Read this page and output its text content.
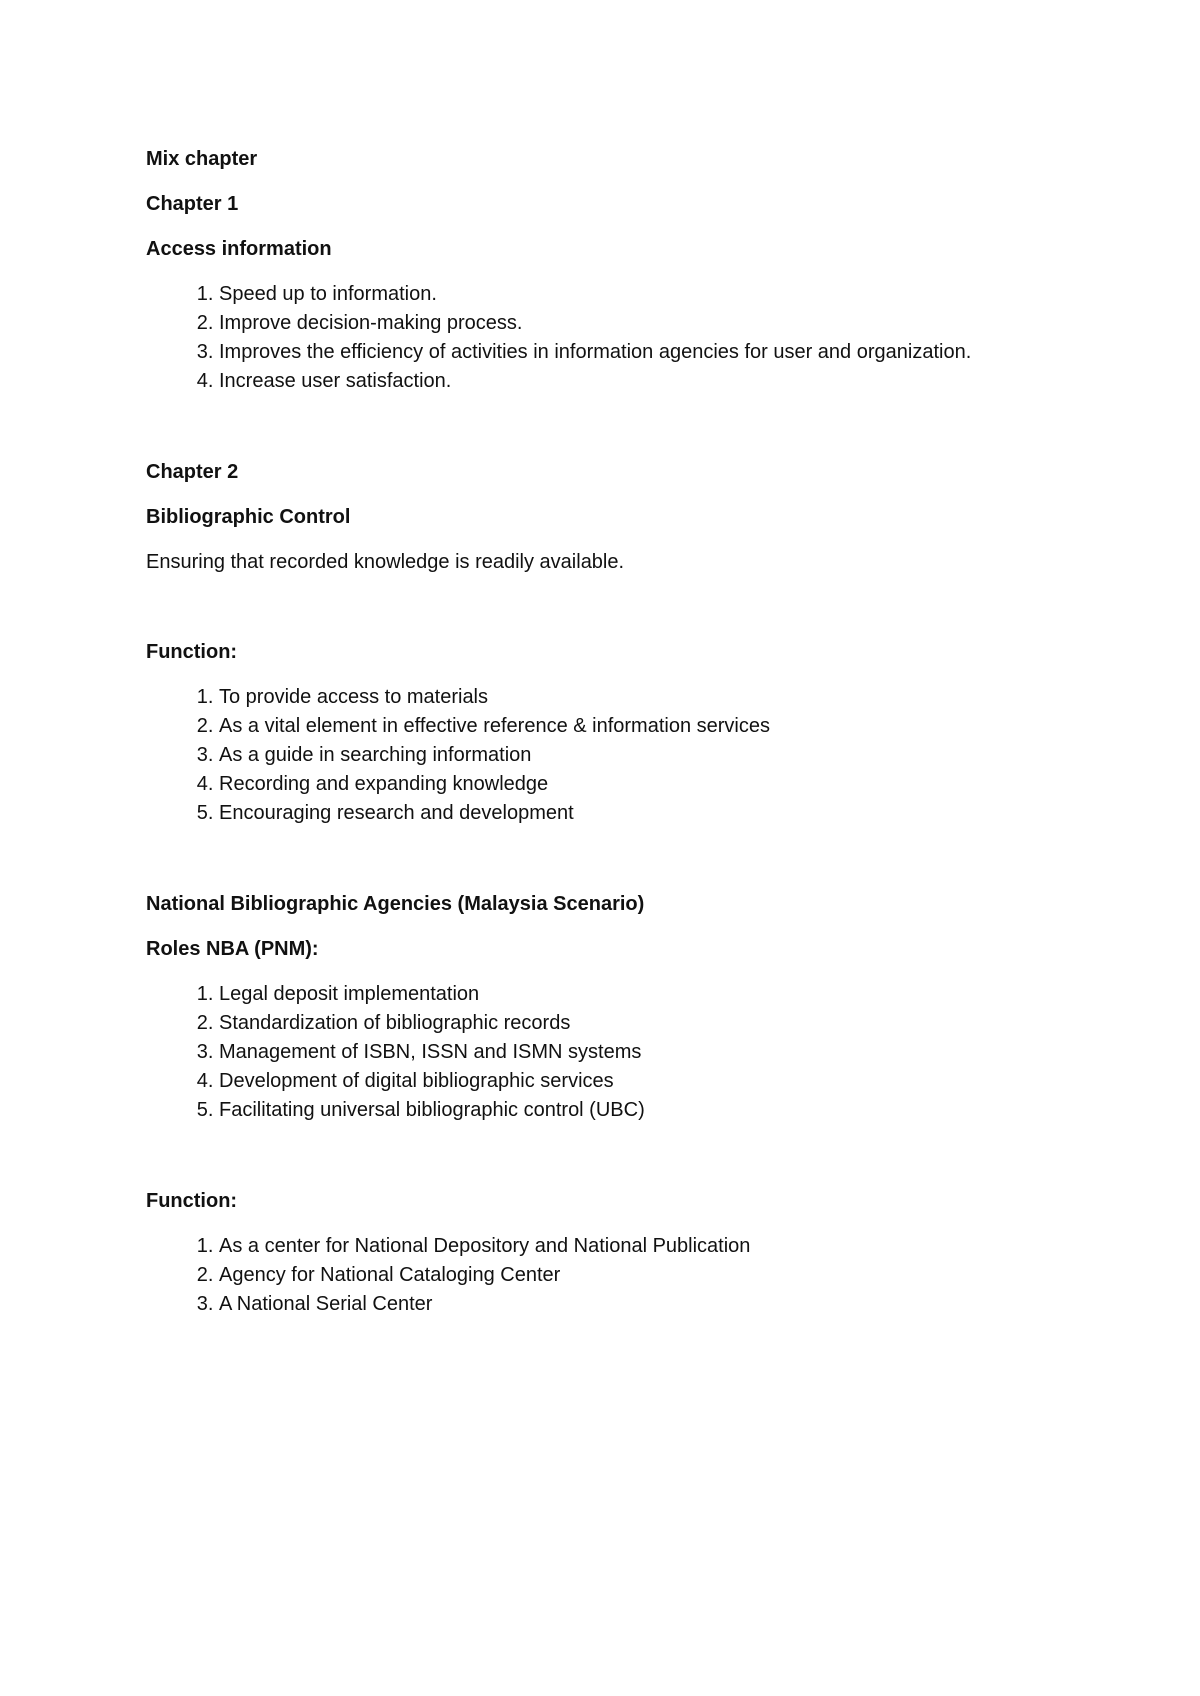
Mix chapter
Chapter 1
Access information
1. Speed up to information.
2. Improve decision-making process.
3. Improves the efficiency of activities in information agencies for user and organization.
4. Increase user satisfaction.
Chapter 2
Bibliographic Control
Ensuring that recorded knowledge is readily available.
Function:
1. To provide access to materials
2. As a vital element in effective reference & information services
3. As a guide in searching information
4. Recording and expanding knowledge
5. Encouraging research and development
National Bibliographic Agencies (Malaysia Scenario)
Roles NBA (PNM):
1. Legal deposit implementation
2. Standardization of bibliographic records
3. Management of ISBN, ISSN and ISMN systems
4. Development of digital bibliographic services
5. Facilitating universal bibliographic control (UBC)
Function:
1. As a center for National Depository and National Publication
2. Agency for National Cataloging Center
3. A National Serial Center
